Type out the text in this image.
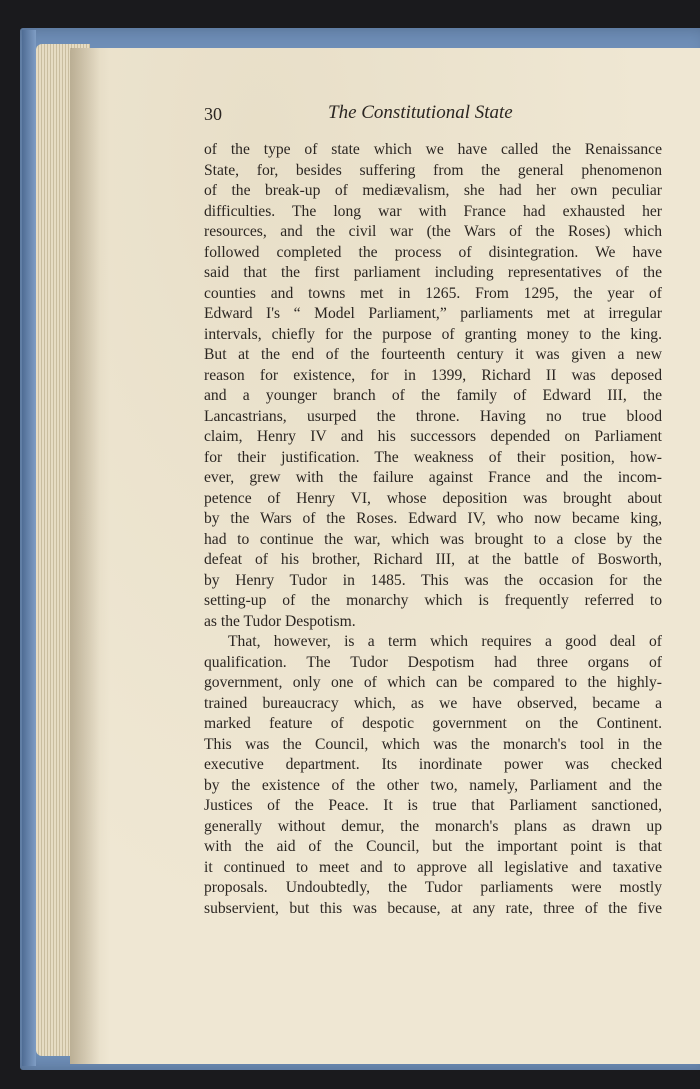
30	The Constitutional State
of the type of state which we have called the Renaissance
State, for, besides suffering from the general phenomenon
of the break-up of mediævalism, she had her own peculiar
difficulties. The long war with France had exhausted her
resources, and the civil war (the Wars of the Roses) which
followed completed the process of disintegration. We have
said that the first parliament including representatives of the
counties and towns met in 1265. From 1295, the year of
Edward I's “ Model Parliament,” parliaments met at irregular
intervals, chiefly for the purpose of granting money to the king.
But at the end of the fourteenth century it was given a new
reason for existence, for in 1399, Richard II was deposed
and a younger branch of the family of Edward III, the
Lancastrians, usurped the throne. Having no true blood
claim, Henry IV and his successors depended on Parliament
for their justification. The weakness of their position, how-
ever, grew with the failure against France and the incom-
petence of Henry VI, whose deposition was brought about
by the Wars of the Roses. Edward IV, who now became king,
had to continue the war, which was brought to a close by the
defeat of his brother, Richard III, at the battle of Bosworth,
by Henry Tudor in 1485. This was the occasion for the
setting-up of the monarchy which is frequently referred to
as the Tudor Despotism.
That, however, is a term which requires a good deal of
qualification. The Tudor Despotism had three organs of
government, only one of which can be compared to the highly-
trained bureaucracy which, as we have observed, became a
marked feature of despotic government on the Continent.
This was the Council, which was the monarch's tool in the
executive department. Its inordinate power was checked
by the existence of the other two, namely, Parliament and the
Justices of the Peace. It is true that Parliament sanctioned,
generally without demur, the monarch's plans as drawn up
with the aid of the Council, but the important point is that
it continued to meet and to approve all legislative and taxative
proposals. Undoubtedly, the Tudor parliaments were mostly
subservient, but this was because, at any rate, three of the five
